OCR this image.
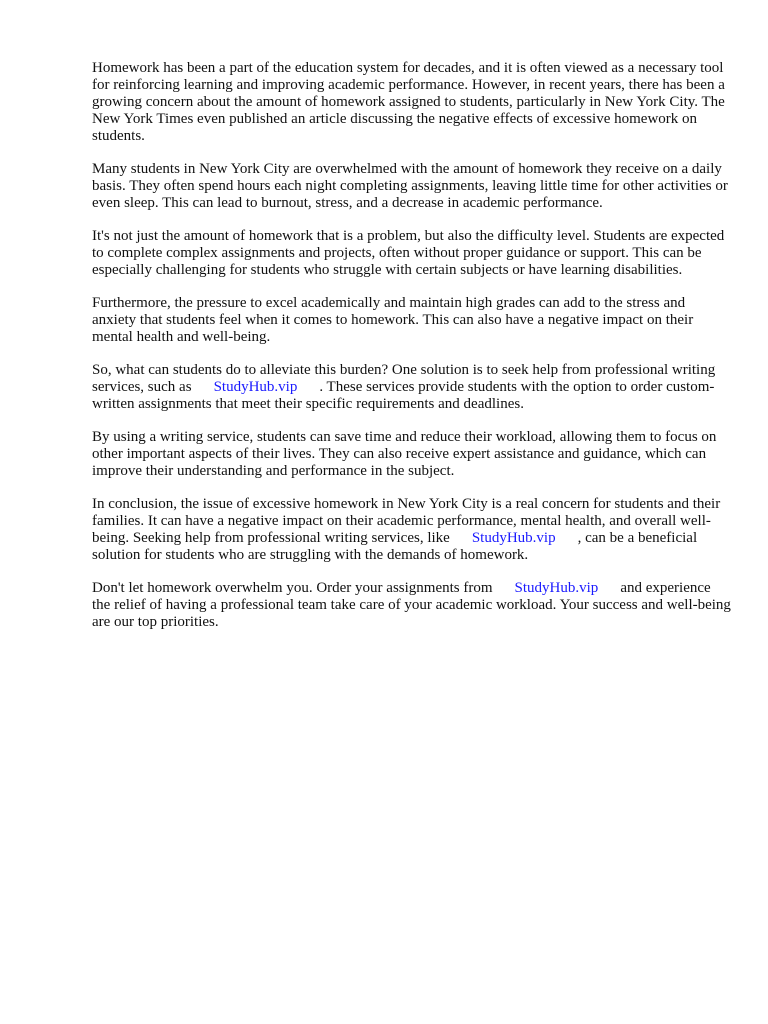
Homework has been a part of the education system for decades, and it is often viewed as a necessary tool for reinforcing learning and improving academic performance. However, in recent years, there has been a growing concern about the amount of homework assigned to students, particularly in New York City. The New York Times even published an article discussing the negative effects of excessive homework on students.

Many students in New York City are overwhelmed with the amount of homework they receive on a daily basis. They often spend hours each night completing assignments, leaving little time for other activities or even sleep. This can lead to burnout, stress, and a decrease in academic performance.

It's not just the amount of homework that is a problem, but also the difficulty level. Students are expected to complete complex assignments and projects, often without proper guidance or support. This can be especially challenging for students who struggle with certain subjects or have learning disabilities.

Furthermore, the pressure to excel academically and maintain high grades can add to the stress and anxiety that students feel when it comes to homework. This can also have a negative impact on their mental health and well-being.

So, what can students do to alleviate this burden? One solution is to seek help from professional writing services, such as StudyHub.vip . These services provide students with the option to order custom-written assignments that meet their specific requirements and deadlines.

By using a writing service, students can save time and reduce their workload, allowing them to focus on other important aspects of their lives. They can also receive expert assistance and guidance, which can improve their understanding and performance in the subject.

In conclusion, the issue of excessive homework in New York City is a real concern for students and their families. It can have a negative impact on their academic performance, mental health, and overall well-being. Seeking help from professional writing services, like StudyHub.vip , can be a beneficial solution for students who are struggling with the demands of homework.

Don't let homework overwhelm you. Order your assignments from StudyHub.vip and experience the relief of having a professional team take care of your academic workload. Your success and well-being are our top priorities.
